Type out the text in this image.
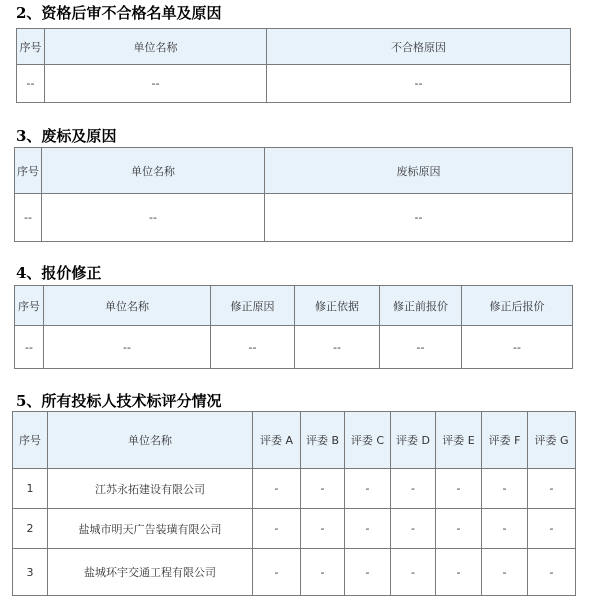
2、资格后审不合格名单及原因
序号	单位名称	不合格原因
--	--	--
3、废标及原因
序号	单位名称	废标原因
--	--	--
4、报价修正
序号	单位名称	修正原因	修正依据	修正前报价	修正后报价
--	--	--	--	--	--
5、所有投标人技术标评分情况
序号	单位名称	评委 A	评委 B	评委 C	评委 D	评委 E	评委 F	评委 G
1	江苏永拓建设有限公司	-	-	-	-	-	-	-
2	盐城市明天广告装璜有限公司	-	-	-	-	-	-	-
3	盐城环宇交通工程有限公司	-	-	-	-	-	-	-
